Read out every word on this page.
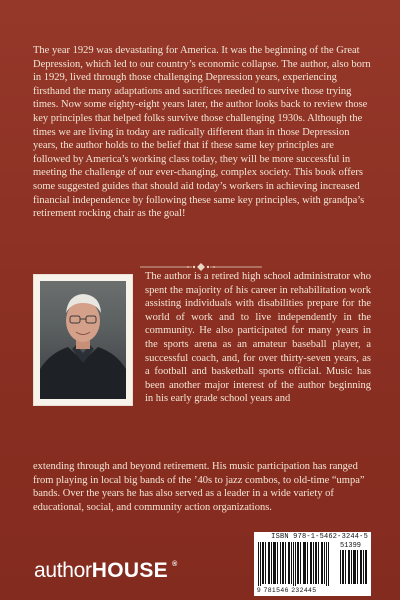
The year 1929 was devastating for America. It was the beginning of the Great Depression, which led to our country’s economic collapse. The author, also born in 1929, lived through those challenging Depression years, experiencing firsthand the many adaptations and sacrifices needed to survive those trying times. Now some eighty-eight years later, the author looks back to review those key principles that helped folks survive those challenging 1930s. Although the times we are living in today are radically different than in those Depression years, the author holds to the belief that if these same key principles are followed by America’s working class today, they will be more successful in meeting the challenge of our ever-changing, complex society. This book offers some suggested guides that should aid today’s workers in achieving increased financial independence by following these same key principles, with grandpa’s retirement rocking chair as the goal!

The author is a retired high school administrator who spent the majority of his career in rehabilitation work assisting individuals with disabilities prepare for the world of work and to live independently in the community. He also participated for many years in the sports arena as an amateur baseball player, a successful coach, and, for over thirty-seven years, as a football and basketball sports official. Music has been another major interest of the author beginning in his early grade school years and

extending through and beyond retirement. His music participation has ranged from playing in local big bands of the ’40s to jazz combos, to old-time “umpa” bands. Over the years he has also served as a leader in a wide variety of educational, social, and community action organizations.

ISBN 978-1-5462-3244-5
51399
9 781546 232445
authorHOUSE ®
